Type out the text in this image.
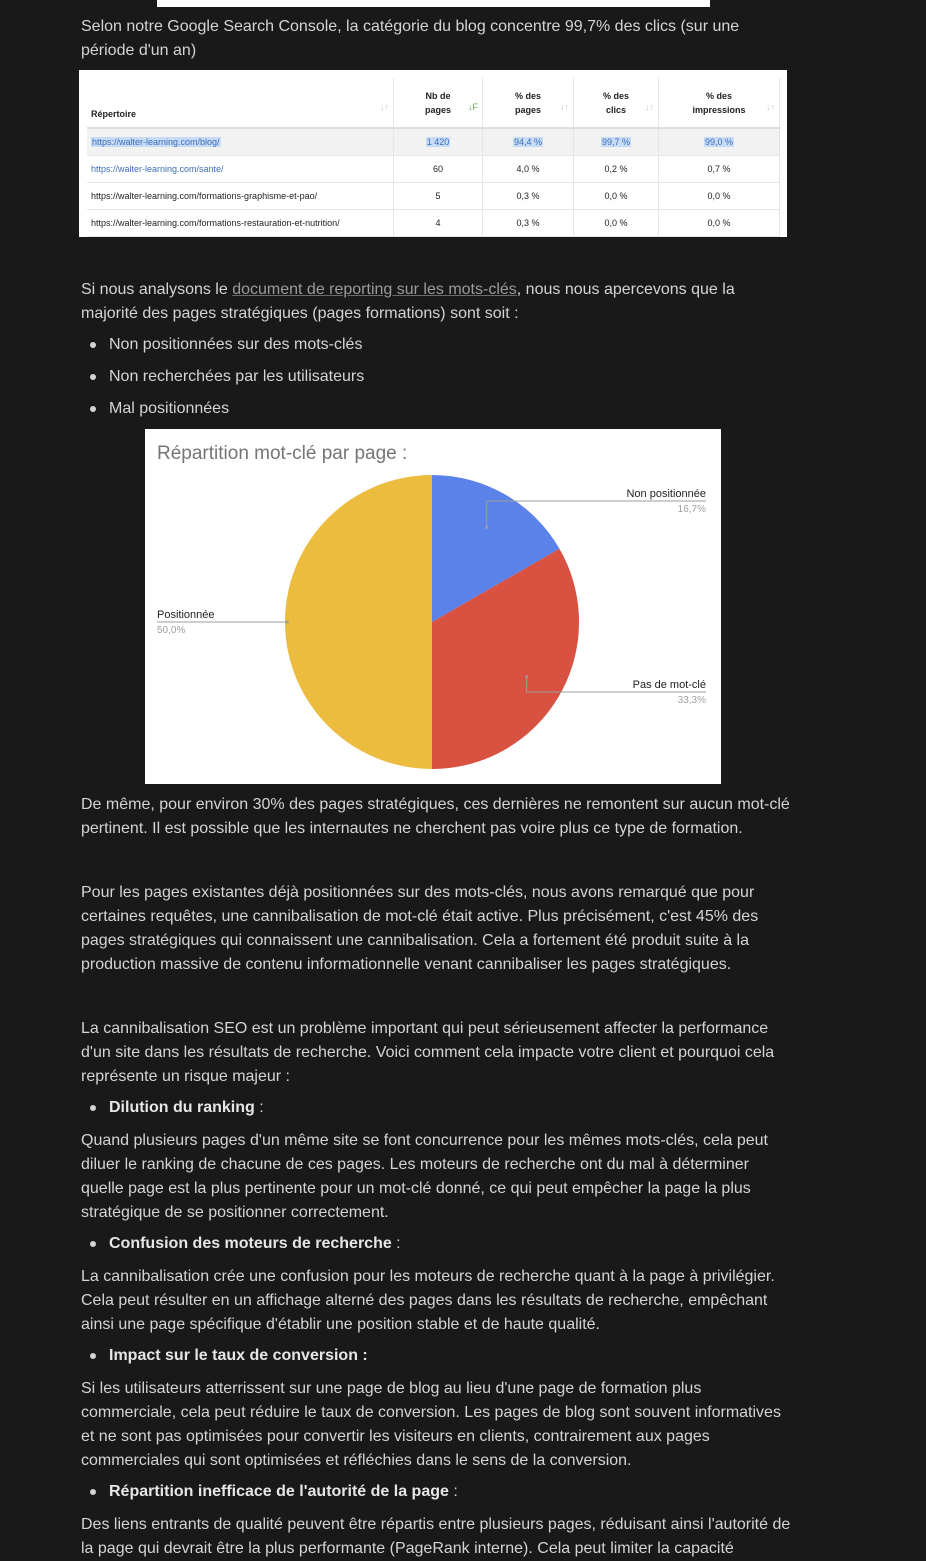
Selon notre Google Search Console, la catégorie du blog concentre 99,7% des clics (sur une période d'un an)

Répertoire
↓↑	Nb de pages ↓F	% des pages ↓↑	% des clics ↓↑	% des impressions ↓↑

https://walter-learning.com/blog/	1 420	94,4 %	99,7 %	99,0 %
https://walter-learning.com/sante/	60	4,0 %	0,2 %	0,7 %
https://walter-learning.com/formations-graphisme-et-pao/	5	0,3 %	0,0 %	0,0 %
https://walter-learning.com/formations-restauration-et-nutrition/	4	0,3 %	0,0 %	0,0 %

Si nous analysons le document de reporting sur les mots-clés, nous nous apercevons que la majorité des pages stratégiques (pages formations) sont soit :

Non positionnées sur des mots-clés
Non recherchées par les utilisateurs
Mal positionnées
Répartition mot-clé par page :
Non positionnée
16,7%
Pas de mot-clé
33,3%
Positionnée
50,0%

De même, pour environ 30% des pages stratégiques, ces dernières ne remontent sur aucun mot-clé pertinent. Il est possible que les internautes ne cherchent pas voire plus ce type de formation.

Pour les pages existantes déjà positionnées sur des mots-clés, nous avons remarqué que pour certaines requêtes, une cannibalisation de mot-clé était active. Plus précisément, c'est 45% des pages stratégiques qui connaissent une cannibalisation. Cela a fortement été produit suite à la production massive de contenu informationnelle venant cannibaliser les pages stratégiques.

La cannibalisation SEO est un problème important qui peut sérieusement affecter la performance d'un site dans les résultats de recherche. Voici comment cela impacte votre client et pourquoi cela représente un risque majeur :

Dilution du ranking :

Quand plusieurs pages d'un même site se font concurrence pour les mêmes mots-clés, cela peut diluer le ranking de chacune de ces pages. Les moteurs de recherche ont du mal à déterminer quelle page est la plus pertinente pour un mot-clé donné, ce qui peut empêcher la page la plus stratégique de se positionner correctement.

Confusion des moteurs de recherche :

La cannibalisation crée une confusion pour les moteurs de recherche quant à la page à privilégier. Cela peut résulter en un affichage alterné des pages dans les résultats de recherche, empêchant ainsi une page spécifique d'établir une position stable et de haute qualité.

Impact sur le taux de conversion :

Si les utilisateurs atterrissent sur une page de blog au lieu d'une page de formation plus commerciale, cela peut réduire le taux de conversion. Les pages de blog sont souvent informatives et ne sont pas optimisées pour convertir les visiteurs en clients, contrairement aux pages commerciales qui sont optimisées et réfléchies dans le sens de la conversion.

Répartition inefficace de l'autorité de la page :

Des liens entrants de qualité peuvent être répartis entre plusieurs pages, réduisant ainsi l'autorité de la page qui devrait être la plus performante (PageRank interne). Cela peut limiter la capacité
